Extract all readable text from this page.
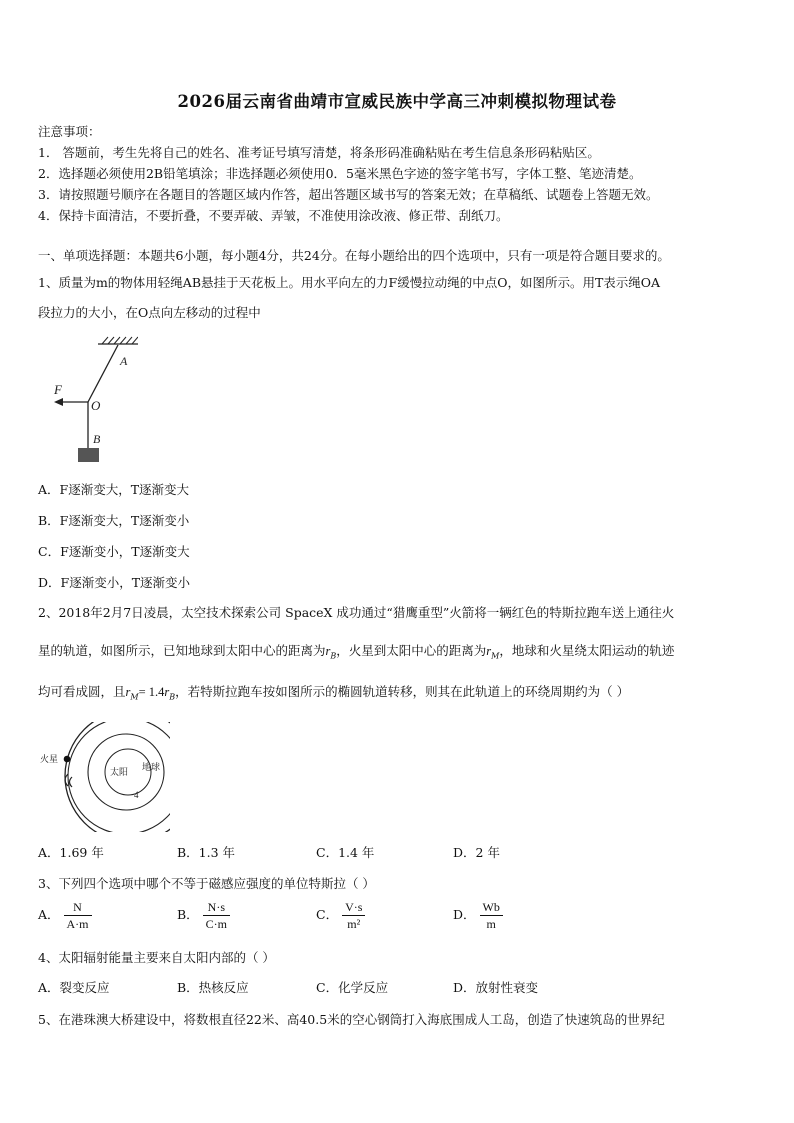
2026届云南省曲靖市宣威民族中学高三冲刺模拟物理试卷
注意事项：
1． 答题前，考生先将自己的姓名、准考证号填写清楚，将条形码准确粘贴在考生信息条形码粘贴区。
2．选择题必须使用2B铅笔填涂；非选择题必须使用0．5毫米黑色字迹的签字笔书写，字体工整、笔迹清楚。
3．请按照题号顺序在各题目的答题区域内作答，超出答题区域书写的答案无效；在草稿纸、试题卷上答题无效。
4．保持卡面清洁，不要折叠，不要弄破、弄皱，不准使用涂改液、修正带、刮纸刀。
一、单项选择题：本题共6小题，每小题4分，共24分。在每小题给出的四个选项中，只有一项是符合题目要求的。
1、质量为m的物体用轻绳AB悬挂于天花板上。用水平向左的力F缓慢拉动绳的中点O，如图所示。用T表示绳OA
段拉力的大小，在O点向左移动的过程中
A
F
O
B
A．F逐渐变大，T逐渐变大
B．F逐渐变大，T逐渐变小
C．F逐渐变小，T逐渐变大
D．F逐渐变小，T逐渐变小
2、2018年2月7日凌晨，太空技术探索公司 SpaceX 成功通过“猎鹰重型”火箭将一辆红色的特斯拉跑车送上通往火
星的轨道，如图所示，已知地球到太阳中心的距离为$r_B$，火星到太阳中心的距离为$r_M$，地球和火星绕太阳运动的轨迹
均可看成圆，且$r_M= 1.4r_B$，若特斯拉跑车按如图所示的椭圆轨道转移，则其在此轨道上的环绕周期约为（ ）
火星
太阳 地球
4
A．1.69 年	B．1.3 年	C．1.4 年	D．2 年
3、下列四个选项中哪个不等于磁感应强度的单位特斯拉（ ）
A． $\frac{N}{A\cdot m}$	B． $\frac{N\cdot s}{C\cdot m}$	C． $\frac{V\cdot s}{\text{m²}}$	D． $\frac{Wb}{m}$
4、太阳辐射能量主要来自太阳内部的（ ）
A．裂变反应	B．热核反应	C．化学反应	D．放射性衰变
5、在港珠澳大桥建设中，将数根直径22米、高40.5米的空心钢筒打入海底围成人工岛，创造了快速筑岛的世界纪
